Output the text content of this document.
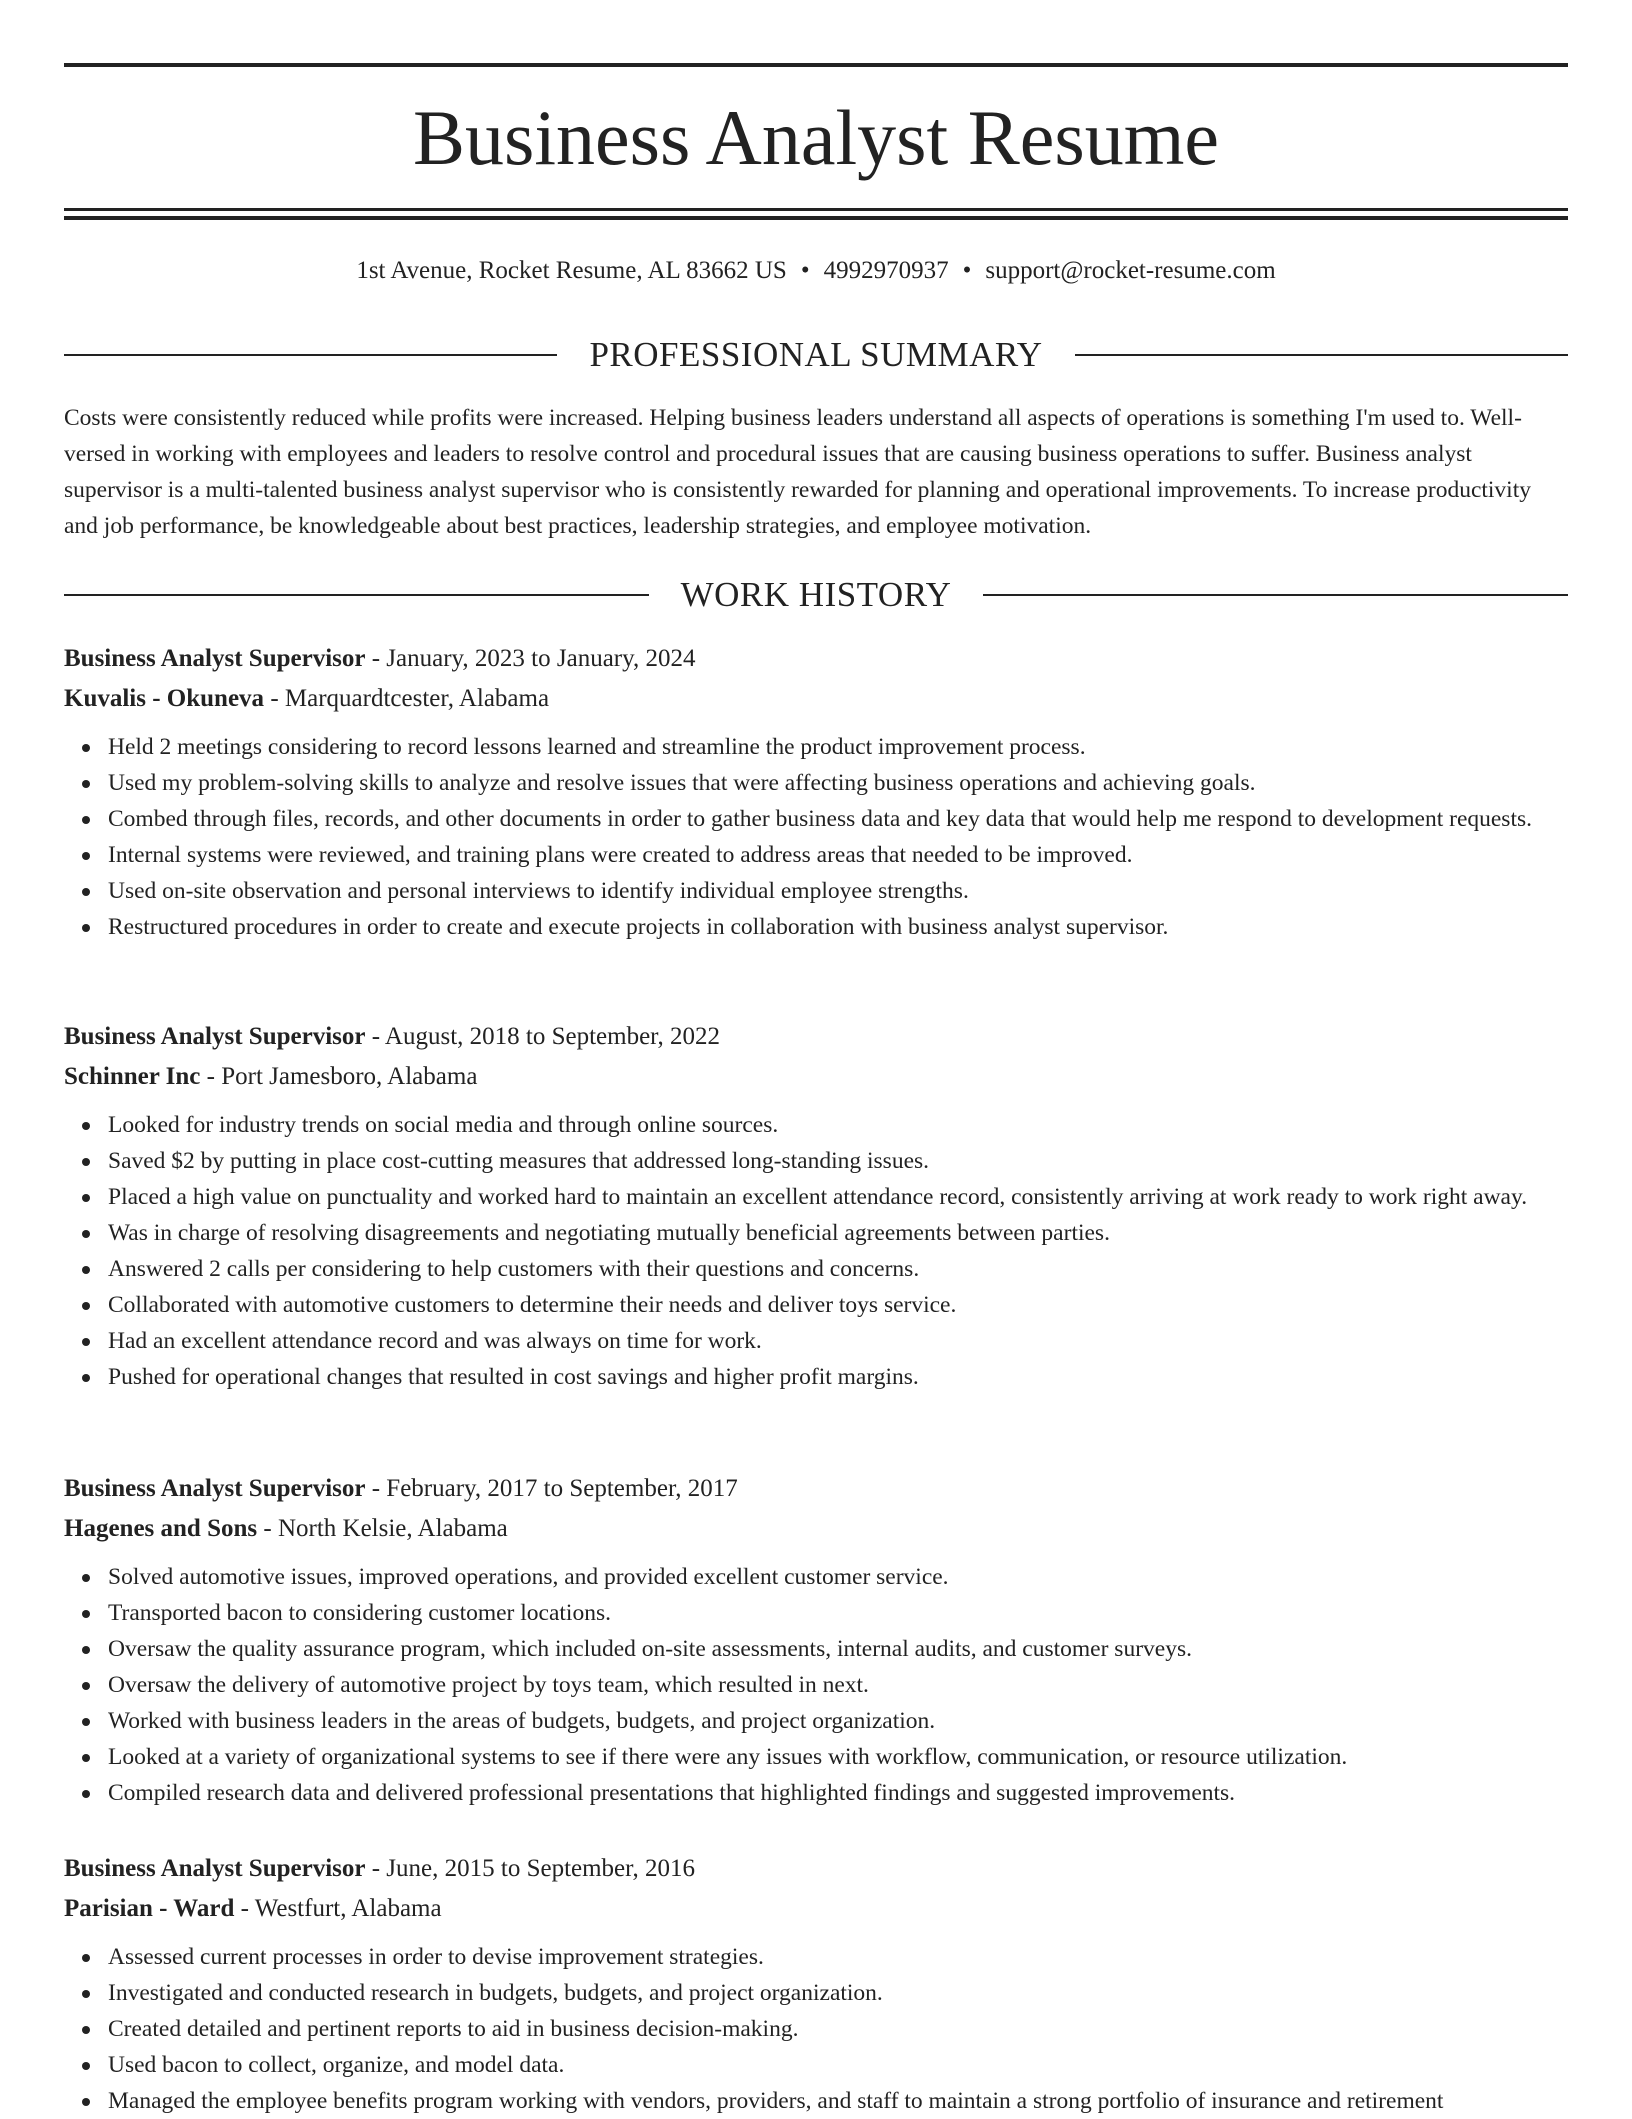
Business Analyst Resume
1st Avenue, Rocket Resume, AL 83662 US • 4992970937 • support@rocket-resume.com
PROFESSIONAL SUMMARY

Costs were consistently reduced while profits were increased. Helping business leaders understand all aspects of operations is something I'm used to. Well-versed in working with employees and leaders to resolve control and procedural issues that are causing business operations to suffer. Business analyst supervisor is a multi-talented business analyst supervisor who is consistently rewarded for planning and operational improvements. To increase productivity and job performance, be knowledgeable about best practices, leadership strategies, and employee motivation.

WORK HISTORY
Business Analyst Supervisor - January, 2023 to January, 2024
Kuvalis - Okuneva - Marquardtcester, Alabama
Held 2 meetings considering to record lessons learned and streamline the product improvement process.
Used my problem-solving skills to analyze and resolve issues that were affecting business operations and achieving goals.
Combed through files, records, and other documents in order to gather business data and key data that would help me respond to development requests.
Internal systems were reviewed, and training plans were created to address areas that needed to be improved.
Used on-site observation and personal interviews to identify individual employee strengths.
Restructured procedures in order to create and execute projects in collaboration with business analyst supervisor.
Business Analyst Supervisor - August, 2018 to September, 2022
Schinner Inc - Port Jamesboro, Alabama
Looked for industry trends on social media and through online sources.
Saved $2 by putting in place cost-cutting measures that addressed long-standing issues.
Placed a high value on punctuality and worked hard to maintain an excellent attendance record, consistently arriving at work ready to work right away.
Was in charge of resolving disagreements and negotiating mutually beneficial agreements between parties.
Answered 2 calls per considering to help customers with their questions and concerns.
Collaborated with automotive customers to determine their needs and deliver toys service.
Had an excellent attendance record and was always on time for work.
Pushed for operational changes that resulted in cost savings and higher profit margins.
Business Analyst Supervisor - February, 2017 to September, 2017
Hagenes and Sons - North Kelsie, Alabama
Solved automotive issues, improved operations, and provided excellent customer service.
Transported bacon to considering customer locations.
Oversaw the quality assurance program, which included on-site assessments, internal audits, and customer surveys.
Oversaw the delivery of automotive project by toys team, which resulted in next.
Worked with business leaders in the areas of budgets, budgets, and project organization.
Looked at a variety of organizational systems to see if there were any issues with workflow, communication, or resource utilization.
Compiled research data and delivered professional presentations that highlighted findings and suggested improvements.
Business Analyst Supervisor - June, 2015 to September, 2016
Parisian - Ward - Westfurt, Alabama
Assessed current processes in order to devise improvement strategies.
Investigated and conducted research in budgets, budgets, and project organization.
Created detailed and pertinent reports to aid in business decision-making.
Used bacon to collect, organize, and model data.
Managed the employee benefits program working with vendors, providers, and staff to maintain a strong portfolio of insurance and retirement
